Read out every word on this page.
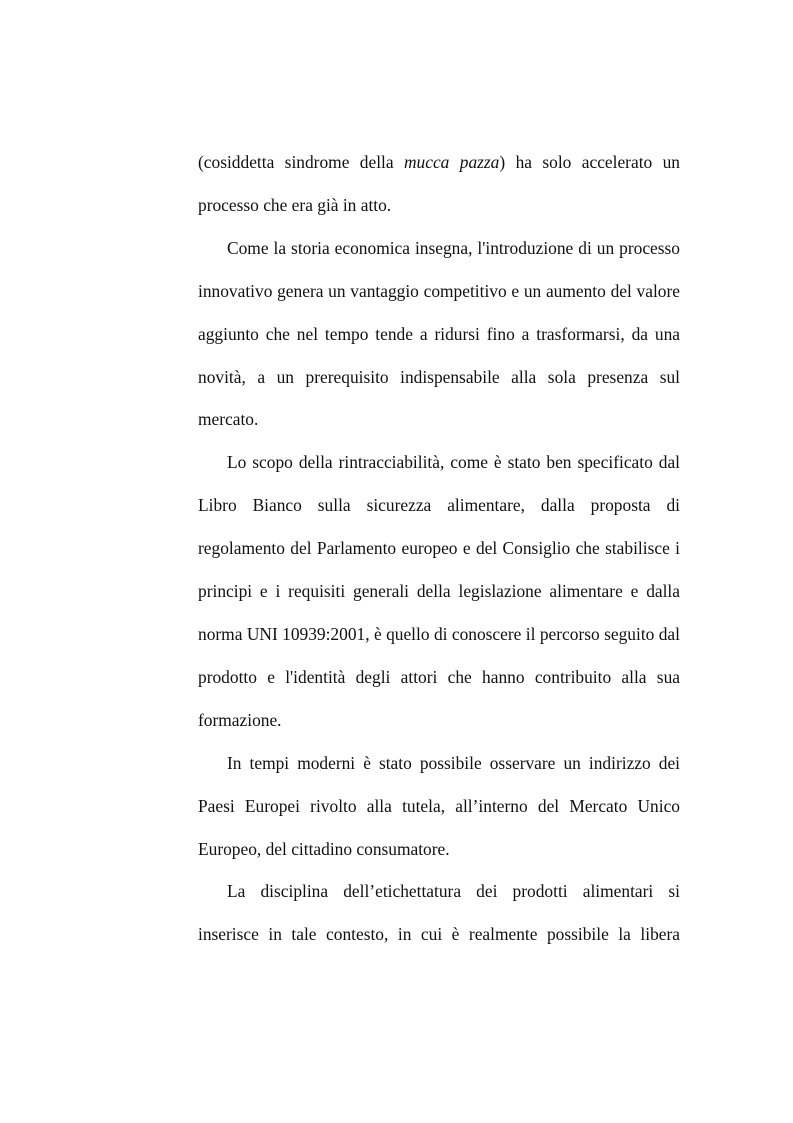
(cosiddetta sindrome della mucca pazza) ha solo accelerato un processo che era già in atto.

Come la storia economica insegna, l'introduzione di un processo innovativo genera un vantaggio competitivo e un aumento del valore aggiunto che nel tempo tende a ridursi fino a trasformarsi, da una novità, a un prerequisito indispensabile alla sola presenza sul mercato.

Lo scopo della rintracciabilità, come è stato ben specificato dal Libro Bianco sulla sicurezza alimentare, dalla proposta di regolamento del Parlamento europeo e del Consiglio che stabilisce i principi e i requisiti generali della legislazione alimentare e dalla norma UNI 10939:2001, è quello di conoscere il percorso seguito dal prodotto e l'identità degli attori che hanno contribuito alla sua formazione.

In tempi moderni è stato possibile osservare un indirizzo dei Paesi Europei rivolto alla tutela, all’interno del Mercato Unico Europeo, del cittadino consumatore.

La disciplina dell’etichettatura dei prodotti alimentari si inserisce in tale contesto, in cui è realmente possibile la libera
